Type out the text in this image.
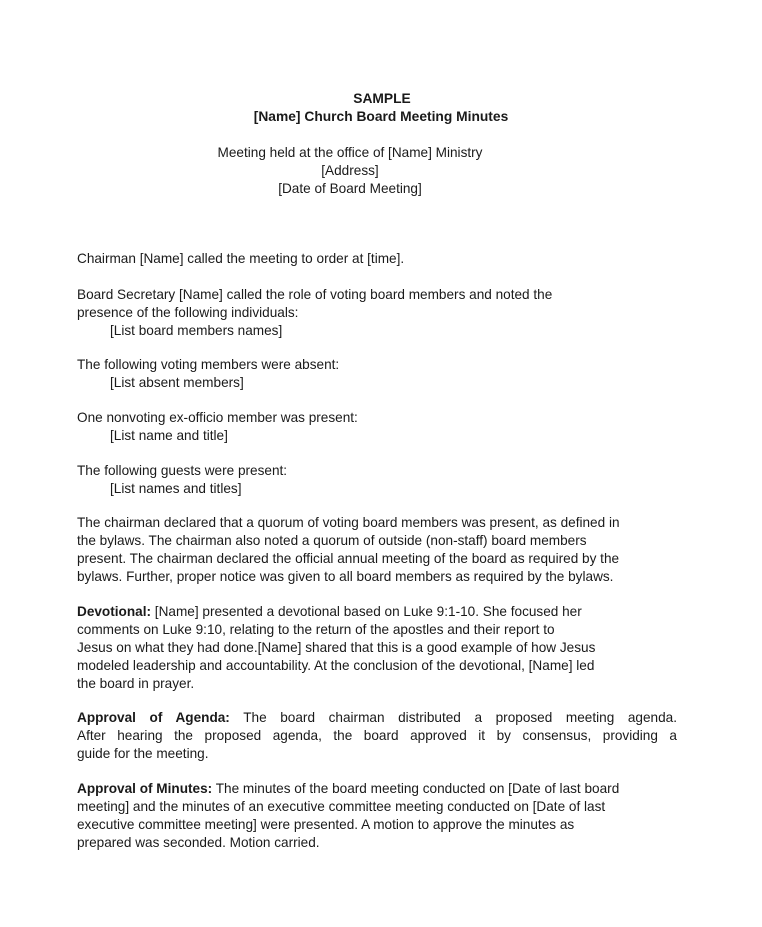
SAMPLE
[Name] Church Board Meeting Minutes
Meeting held at the office of [Name] Ministry
[Address]
[Date of Board Meeting]
Chairman [Name] called the meeting to order at [time].
Board Secretary [Name] called the role of voting board members and noted the
presence of the following individuals:
[List board members names]
The following voting members were absent:
[List absent members]
One nonvoting ex-officio member was present:
[List name and title]
The following guests were present:
[List names and titles]
The chairman declared that a quorum of voting board members was present, as defined in
the bylaws. The chairman also noted a quorum of outside (non-staff) board members
present. The chairman declared the official annual meeting of the board as required by the
bylaws. Further, proper notice was given to all board members as required by the bylaws.
Devotional: [Name] presented a devotional based on Luke 9:1-10. She focused her
comments on Luke 9:10, relating to the return of the apostles and their report to
Jesus on what they had done.[Name] shared that this is a good example of how Jesus
modeled leadership and accountability. At the conclusion of the devotional, [Name] led
the board in prayer.
Approval of Agenda: The board chairman distributed a proposed meeting agenda.
After hearing the proposed agenda, the board approved it by consensus, providing a
guide for the meeting.
Approval of Minutes: The minutes of the board meeting conducted on [Date of last board
meeting] and the minutes of an executive committee meeting conducted on [Date of last
executive committee meeting] were presented. A motion to approve the minutes as
prepared was seconded. Motion carried.
